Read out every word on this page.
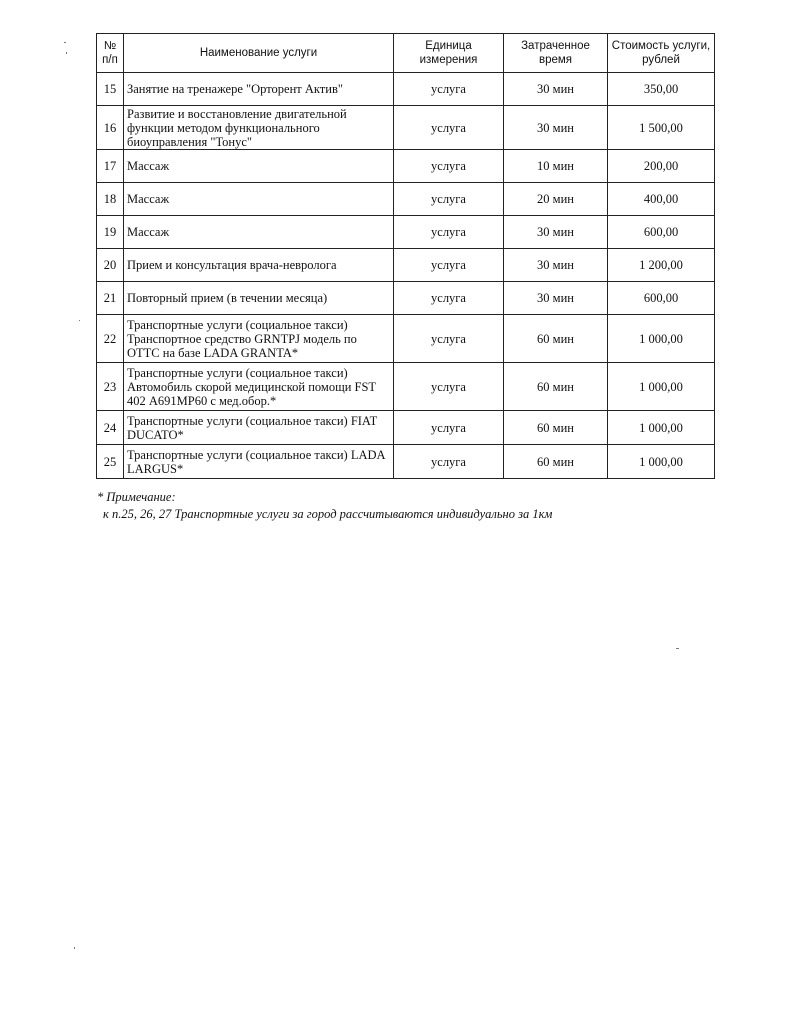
№ п/п	Наименование услуги	Единица измерения	Затраченное время	Стоимость услуги, рублей
15	Занятие на тренажере "Орторент Актив"	услуга	30 мин	350,00
16	Развитие и восстановление двигательной функции методом функционального биоуправления "Тонус"	услуга	30 мин	1 500,00
17	Массаж	услуга	10 мин	200,00
18	Массаж	услуга	20 мин	400,00
19	Массаж	услуга	30 мин	600,00
20	Прием и консультация врача-невролога	услуга	30 мин	1 200,00
21	Повторный прием (в течении месяца)	услуга	30 мин	600,00
22	Транспортные услуги (социальное такси) Транспортное средство GRNTPJ модель по ОТТС на базе LADA GRANTA*	услуга	60 мин	1 000,00
23	Транспортные услуги (социальное такси) Автомобиль скорой медицинской помощи FST 402 А691МР60 с мед.обор.*	услуга	60 мин	1 000,00
24	Транспортные услуги (социальное такси) FIAT DUCATO*	услуга	60 мин	1 000,00
25	Транспортные услуги (социальное такси) LADA LARGUS*	услуга	60 мин	1 000,00
* Примечание:
к п.25, 26, 27 Транспортные услуги за город рассчитываются индивидуально за 1км
